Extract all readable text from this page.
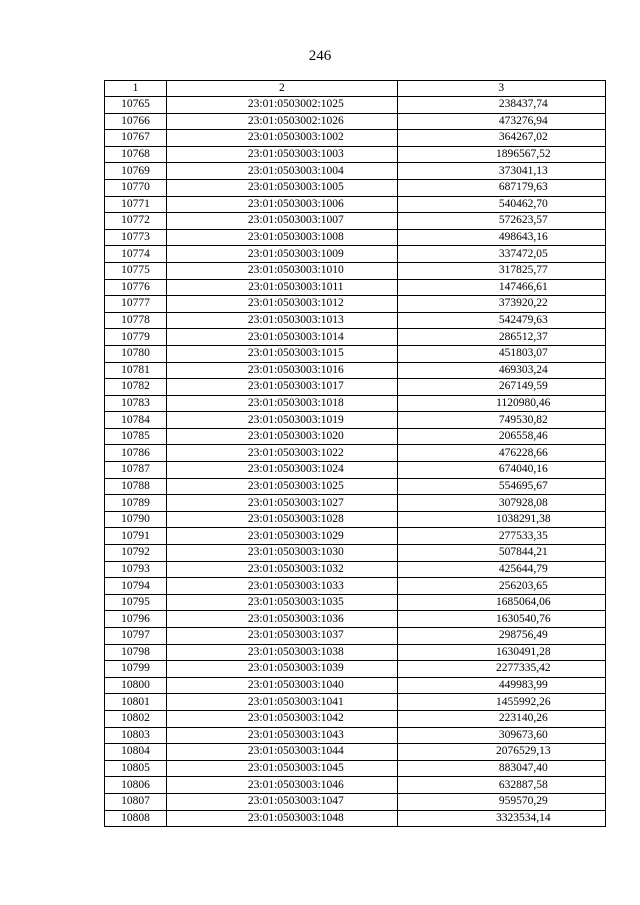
246
1	2	3
10765	23:01:0503002:1025	238437,74
10766	23:01:0503002:1026	473276,94
10767	23:01:0503003:1002	364267,02
10768	23:01:0503003:1003	1896567,52
10769	23:01:0503003:1004	373041,13
10770	23:01:0503003:1005	687179,63
10771	23:01:0503003:1006	540462,70
10772	23:01:0503003:1007	572623,57
10773	23:01:0503003:1008	498643,16
10774	23:01:0503003:1009	337472,05
10775	23:01:0503003:1010	317825,77
10776	23:01:0503003:1011	147466,61
10777	23:01:0503003:1012	373920,22
10778	23:01:0503003:1013	542479,63
10779	23:01:0503003:1014	286512,37
10780	23:01:0503003:1015	451803,07
10781	23:01:0503003:1016	469303,24
10782	23:01:0503003:1017	267149,59
10783	23:01:0503003:1018	1120980,46
10784	23:01:0503003:1019	749530,82
10785	23:01:0503003:1020	206558,46
10786	23:01:0503003:1022	476228,66
10787	23:01:0503003:1024	674040,16
10788	23:01:0503003:1025	554695,67
10789	23:01:0503003:1027	307928,08
10790	23:01:0503003:1028	1038291,38
10791	23:01:0503003:1029	277533,35
10792	23:01:0503003:1030	507844,21
10793	23:01:0503003:1032	425644,79
10794	23:01:0503003:1033	256203,65
10795	23:01:0503003:1035	1685064,06
10796	23:01:0503003:1036	1630540,76
10797	23:01:0503003:1037	298756,49
10798	23:01:0503003:1038	1630491,28
10799	23:01:0503003:1039	2277335,42
10800	23:01:0503003:1040	449983,99
10801	23:01:0503003:1041	1455992,26
10802	23:01:0503003:1042	223140,26
10803	23:01:0503003:1043	309673,60
10804	23:01:0503003:1044	2076529,13
10805	23:01:0503003:1045	883047,40
10806	23:01:0503003:1046	632887,58
10807	23:01:0503003:1047	959570,29
10808	23:01:0503003:1048	3323534,14
